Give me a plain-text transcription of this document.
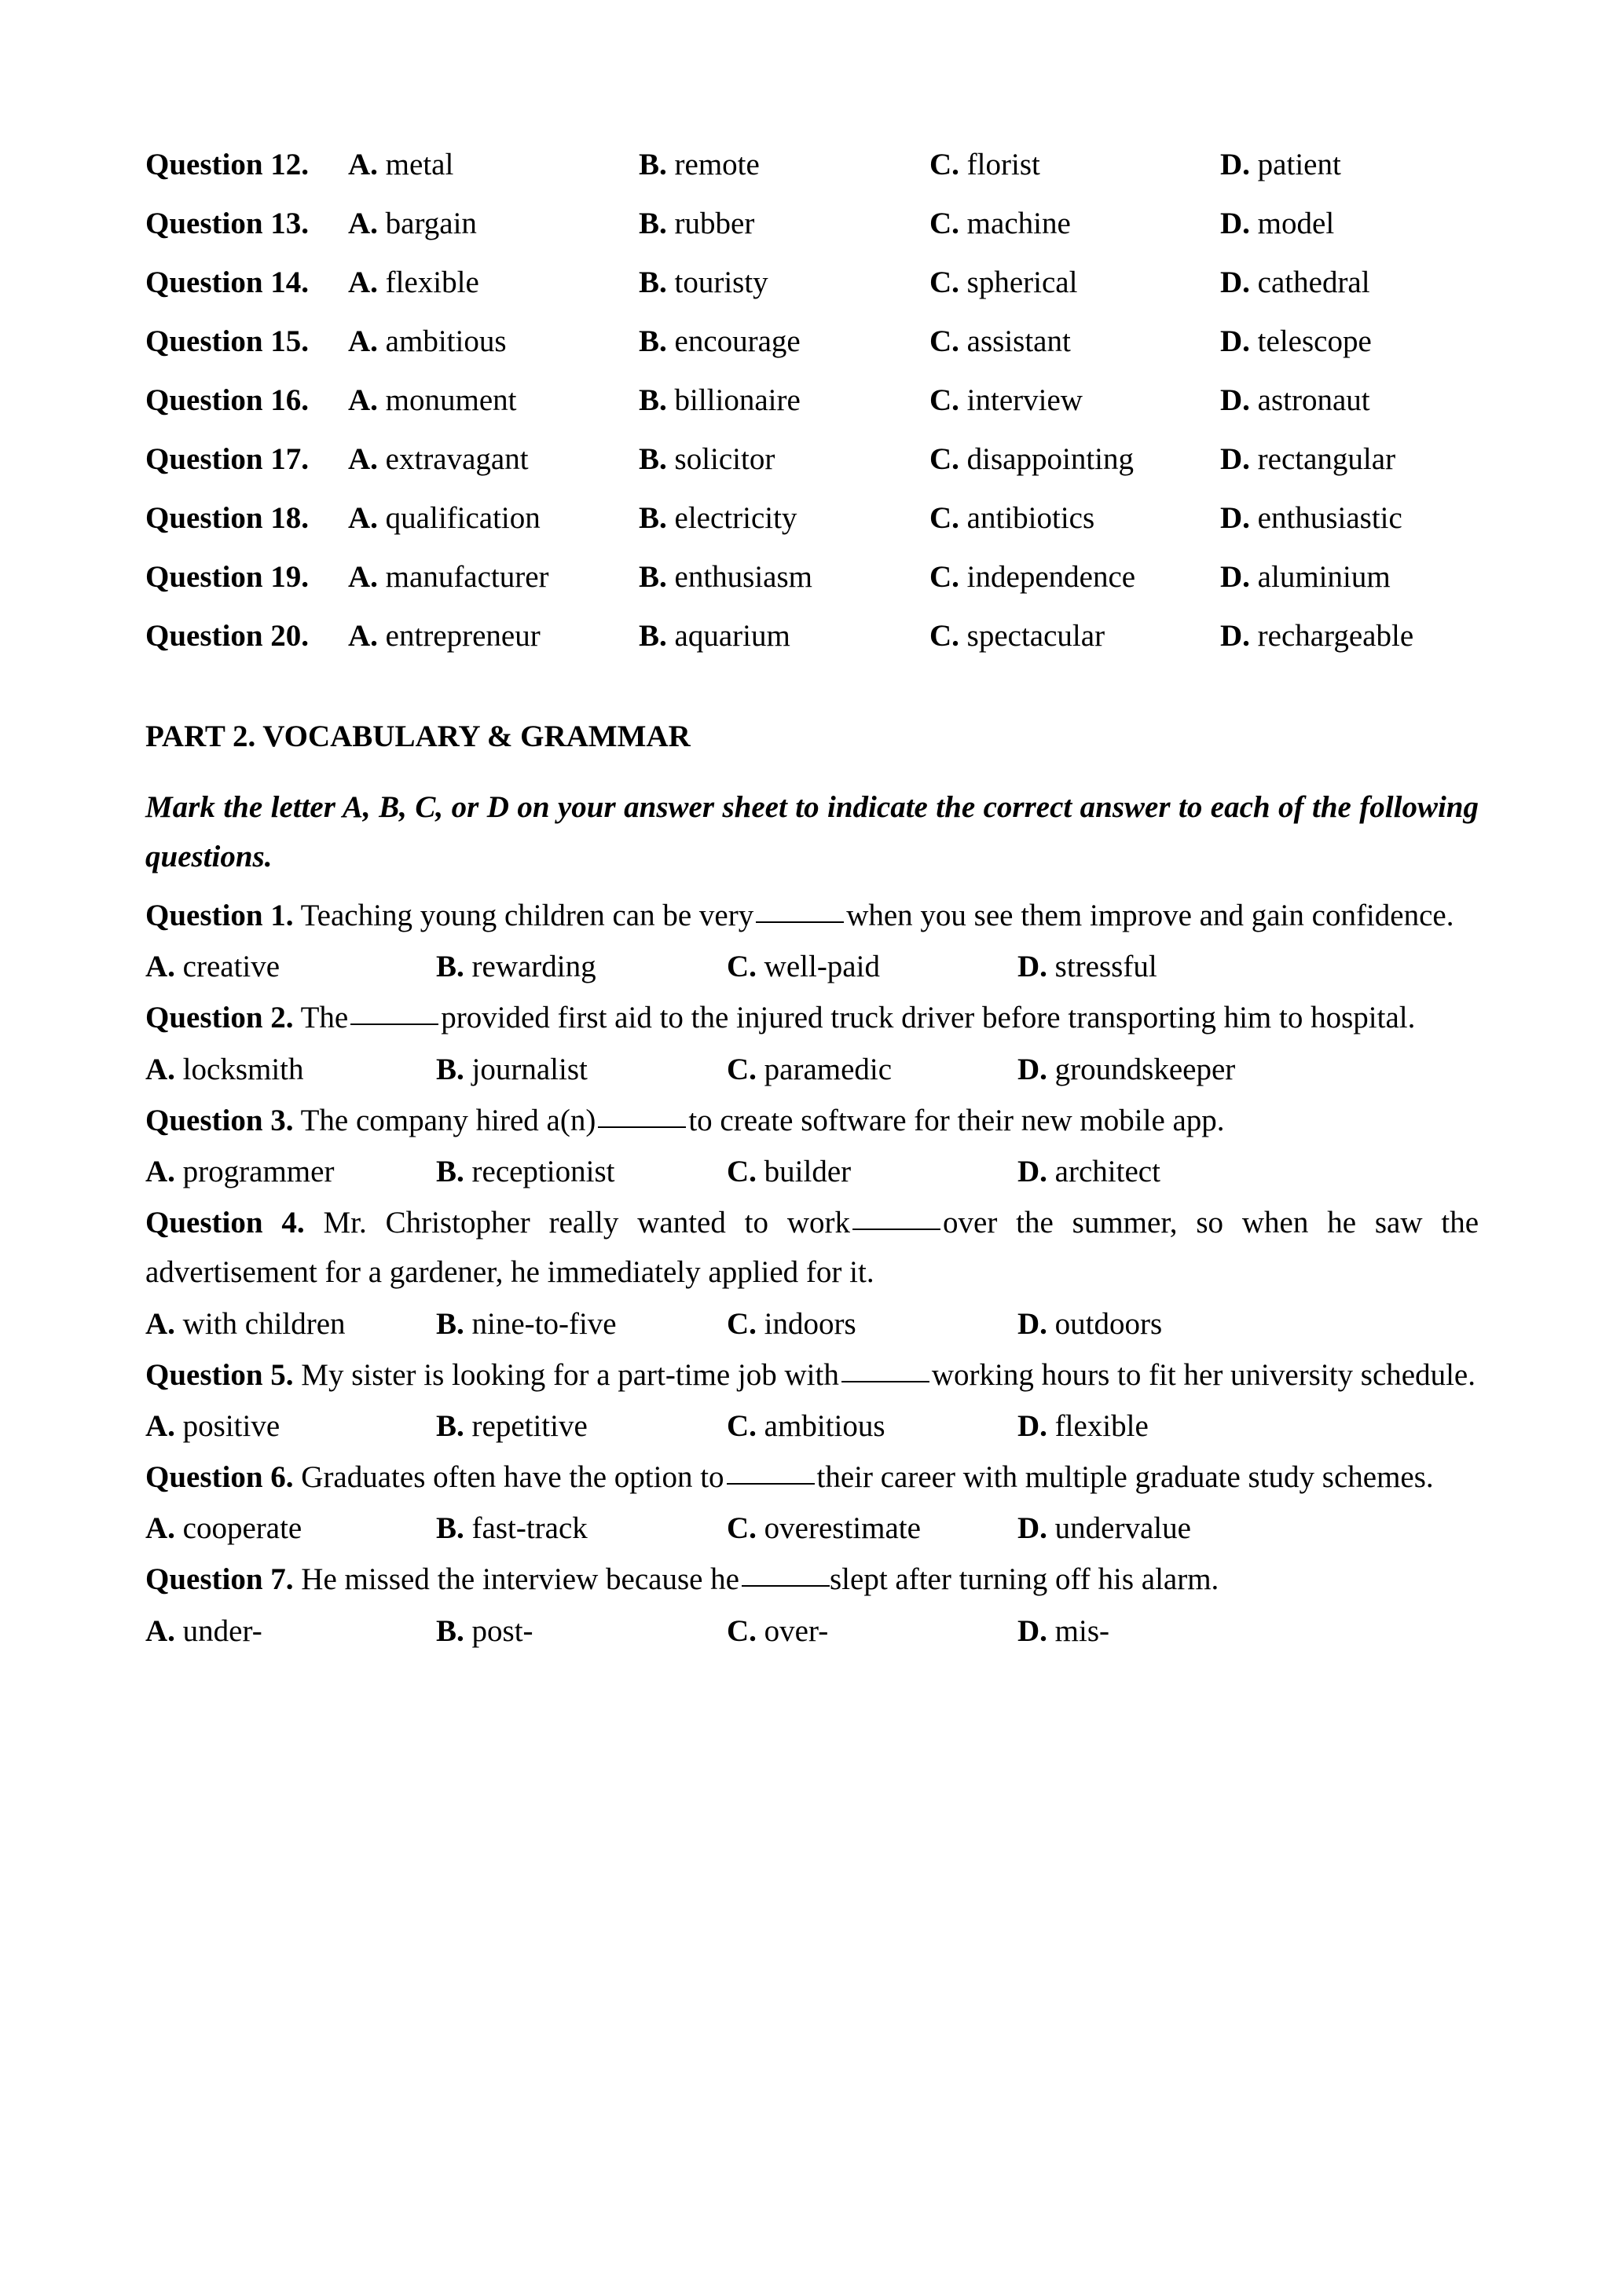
Question 12.	A. metal	B. remote	C. florist	D. patient
Question 13.	A. bargain	B. rubber	C. machine	D. model
Question 14.	A. flexible	B. touristy	C. spherical	D. cathedral
Question 15.	A. ambitious	B. encourage	C. assistant	D. telescope
Question 16.	A. monument	B. billionaire	C. interview	D. astronaut
Question 17.	A. extravagant	B. solicitor	C. disappointing	D. rectangular
Question 18.	A. qualification	B. electricity	C. antibiotics	D. enthusiastic
Question 19.	A. manufacturer	B. enthusiasm	C. independence	D. aluminium
Question 20.	A. entrepreneur	B. aquarium	C. spectacular	D. rechargeable
PART 2. VOCABULARY & GRAMMAR
Mark the letter A, B, C, or D on your answer sheet to indicate the correct answer to each of the following questions.

Question 1. Teaching young children can be very	when you see them improve and gain confidence.

A. creative	B. rewarding	C. well-paid	D. stressful

Question 2. The	provided first aid to the injured truck driver before transporting him to hospital.

A. locksmith	B. journalist	C. paramedic	D. groundskeeper

Question 3. The company hired a(n)	to create software for their new mobile app.

A. programmer	B. receptionist	C. builder	D. architect

Question 4. Mr. Christopher really wanted to work	over the summer, so when he saw the advertisement for a gardener, he immediately applied for it.

A. with children	B. nine-to-five	C. indoors	D. outdoors

Question 5. My sister is looking for a part-time job with	working hours to fit her university schedule.

A. positive	B. repetitive	C. ambitious	D. flexible

Question 6. Graduates often have the option to	their career with multiple graduate study schemes.

A. cooperate	B. fast-track	C. overestimate	D. undervalue

Question 7. He missed the interview because he	slept after turning off his alarm.

A. under-	B. post-	C. over-	D. mis-
